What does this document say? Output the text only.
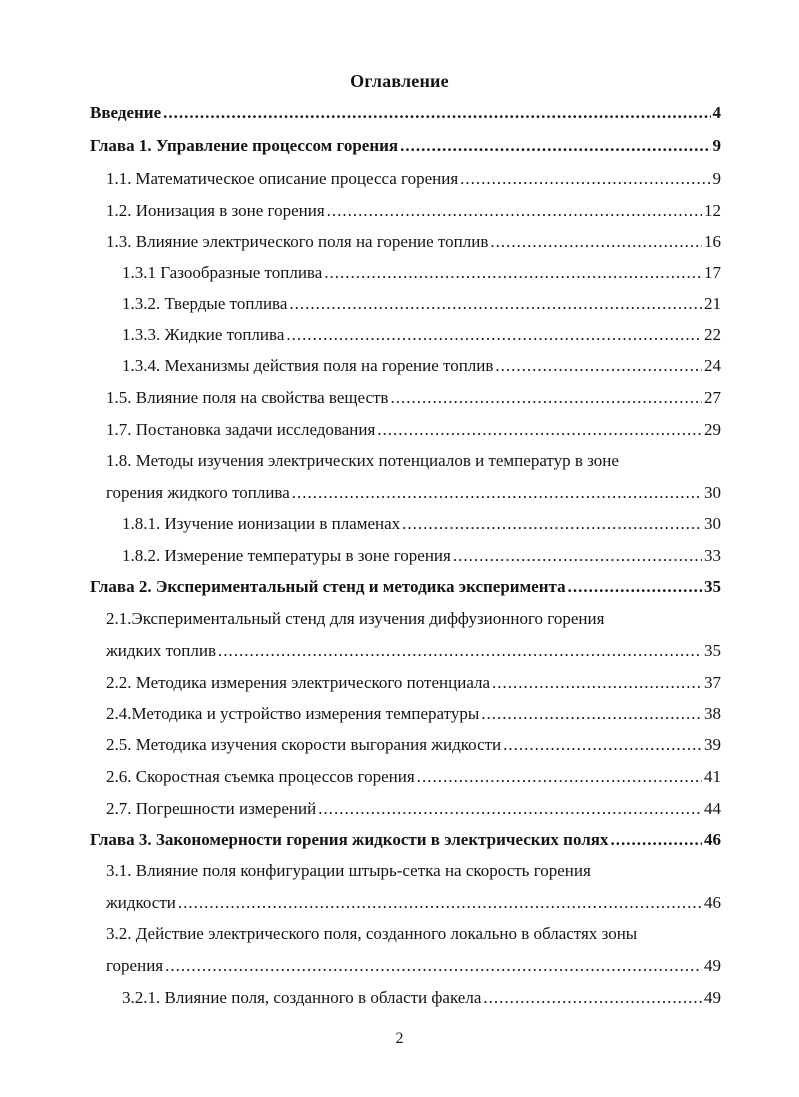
Оглавление
Введение .....	4
Глава 1. Управление процессом горения .....	9
1.1. Математическое описание процесса горения .....	9
1.2. Ионизация в зоне горения .....	12
1.3. Влияние электрического поля на горение топлив .....	16
1.3.1 Газообразные топлива .....	17
1.3.2. Твердые топлива .....	21
1.3.3. Жидкие топлива .....	22
1.3.4. Механизмы действия поля на горение топлив .....	24
1.5. Влияние поля на свойства веществ .....	27
1.7. Постановка задачи исследования .....	29
1.8. Методы изучения электрических потенциалов и температур в зоне
горения жидкого топлива .....	30
1.8.1. Изучение ионизации в пламенах .....	30
1.8.2. Измерение температуры в зоне горения .....	33
Глава 2. Экспериментальный стенд и методика эксперимента .....	35
2.1.Экспериментальный стенд для изучения диффузионного горения
жидких топлив .....	35
2.2. Методика измерения электрического потенциала .....	37
2.4.Методика и устройство измерения температуры .....	38
2.5. Методика изучения скорости выгорания жидкости .....	39
2.6. Скоростная съемка процессов горения .....	41
2.7. Погрешности измерений .....	44
Глава 3. Закономерности горения жидкости в электрических полях .....	46
3.1. Влияние поля конфигурации штырь-сетка на скорость горения
жидкости .....	46
3.2. Действие электрического поля, созданного локально в областях зоны
горения .....	49
3.2.1. Влияние поля, созданного в области факела .....	49
2
